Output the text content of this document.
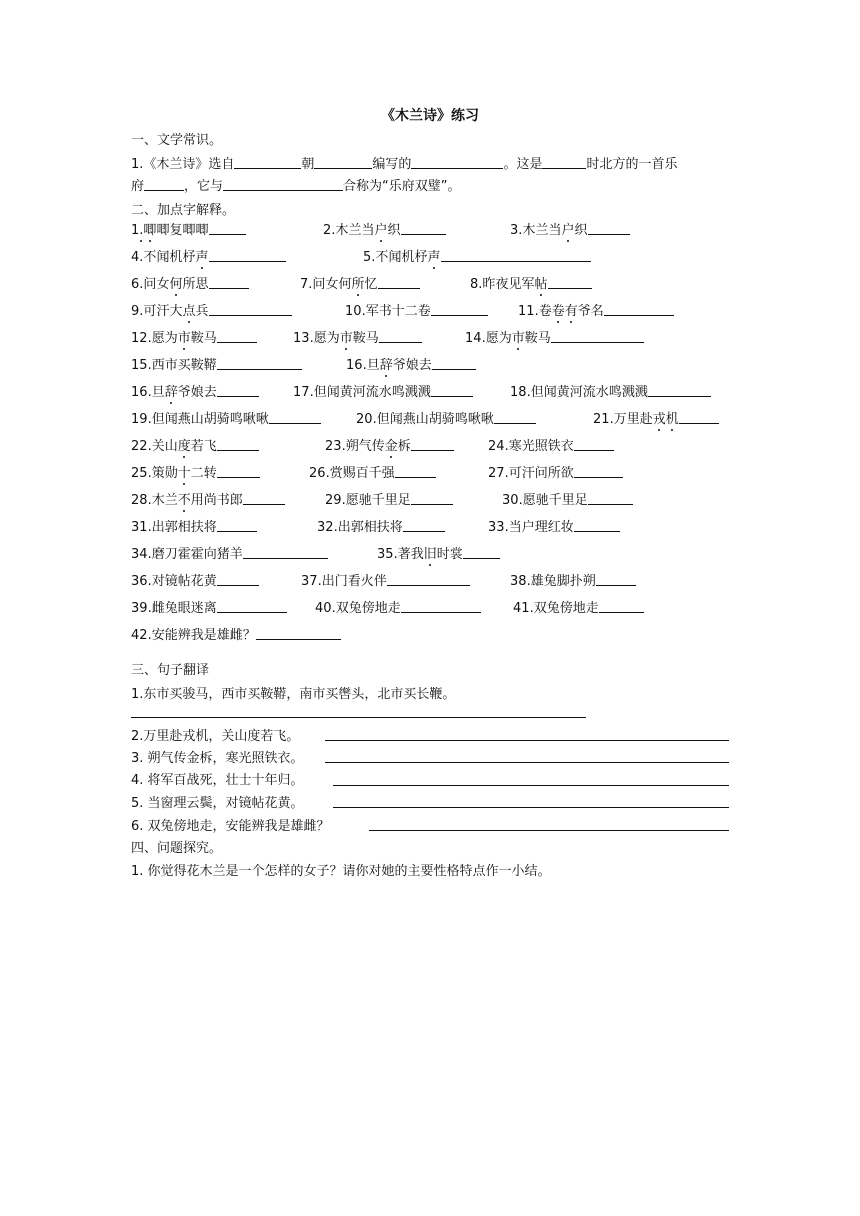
《木兰诗》练习
一、文学常识。
1.《木兰诗》选自	朝	编写的	。这是	时北方的一首乐
府	，它与	合称为“乐府双璧”。
二、加点字解释。
1 . 唧 唧 复 唧 唧	2 . 木 兰 当 户 织	3 . 木 兰 当 户 织
4 . 不 闻 机 杼 声	5 . 不 闻 机 杼 声
6 . 问 女 何 所 思	7 . 问 女 何 所 忆	8 . 昨 夜 见 军 帖
9 . 可 汗 大 点 兵	1 0 . 军 书 十 二 卷	1 1 . 卷 卷 有 爷 名
1 2 . 愿 为 市 鞍 马	1 3 . 愿 为 市 鞍 马	1 4 . 愿 为 市 鞍 马
1 5 . 西 市 买 鞍 鞯	1 6 . 旦 辞 爷 娘 去
1 6 . 旦 辞 爷 娘 去	1 7 . 但 闻 黄 河 流 水 鸣 溅 溅	1 8 . 但 闻 黄 河 流 水 鸣 溅 溅
1 9 . 但 闻 燕 山 胡 骑 鸣 啾 啾	2 0 . 但 闻 燕 山 胡 骑 鸣 啾 啾	2 1 . 万 里 赴 戎 机
2 2 . 关 山 度 若 飞	2 3 . 朔 气 传 金 柝	2 4 . 寒 光 照 铁 衣
2 5 . 策 勋 十 二 转	2 6 . 赏 赐 百 千 强	2 7 . 可 汗 问 所 欲
2 8 . 木 兰 不 用 尚 书 郎	2 9 . 愿 驰 千 里 足	3 0 . 愿 驰 千 里 足
3 1 . 出 郭 相 扶 将	3 2 . 出 郭 相 扶 将	3 3 . 当 户 理 红 妆
3 4 . 磨 刀 霍 霍 向 猪 羊	3 5 . 著 我 旧 时 裳
3 6 . 对 镜 帖 花 黄	3 7 . 出 门 看 火 伴	3 8 . 雄 兔 脚 扑 朔
3 9 . 雌 兔 眼 迷 离	4 0 . 双 兔 傍 地 走	4 1 . 双 兔 傍 地 走
4 2 . 安 能 辨 我 是 雄 雌 ？
三、句子翻译
1.东市买骏马，西市买鞍鞯，南市买辔头，北市买长鞭。
2.万里赴戎机，关山度若飞。
3. 朔气传金柝，寒光照铁衣。
4. 将军百战死，壮士十年归。
5. 当窗理云鬓，对镜帖花黄。
6. 双兔傍地走，安能辨我是雄雌？
四、问题探究。
1. 你觉得花木兰是一个怎样的女子？请你对她的主要性格特点作一小结。
